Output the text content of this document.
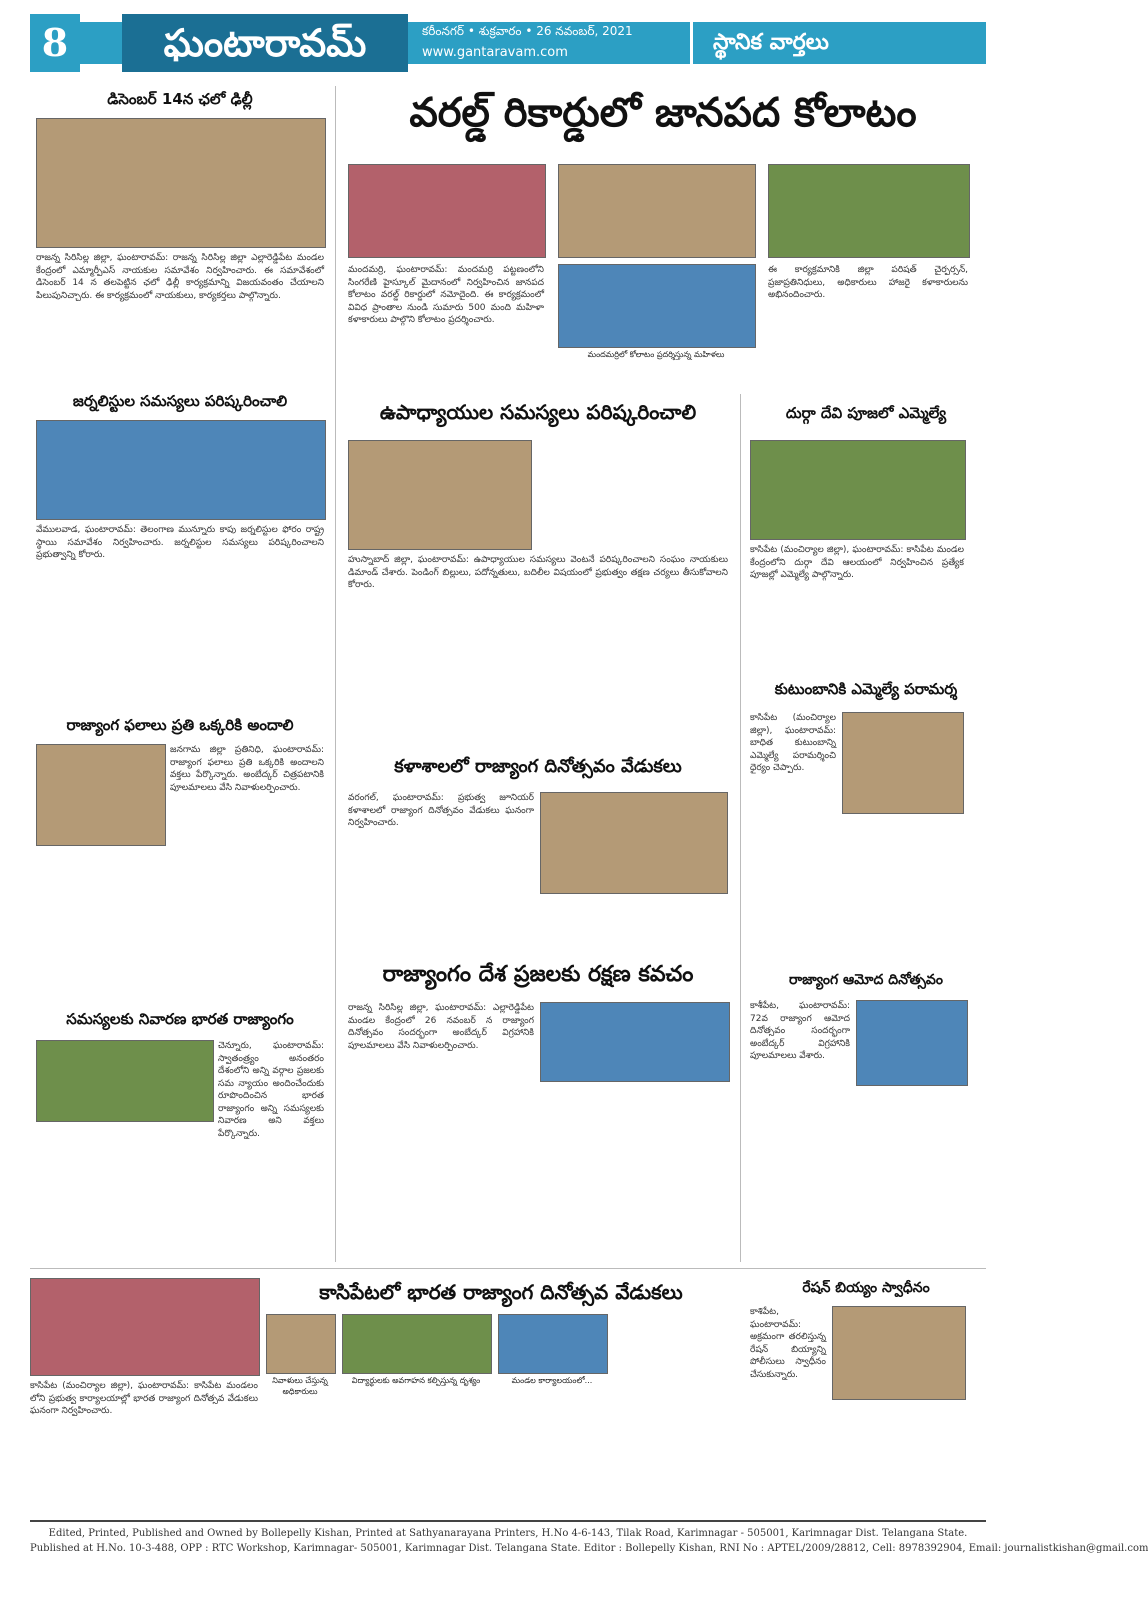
8	ఘంటారావమ్	కరీంనగర్ • శుక్రవారం • 26 నవంబర్, 2021
www.gantaravam.com	స్థానిక వార్తలు
డిసెంబర్ 14న ఛలో ఢిల్లీ
రాజన్న సిరిసిల్ల జిల్లా, ఘంటారావమ్: రాజన్న సిరిసిల్ల జిల్లా ఎల్లారెడ్డిపేట మండల కేంద్రంలో ఎమ్మార్పీఎస్ నాయకుల సమావేశం నిర్వహించారు. ఈ సమావేశంలో డిసెంబర్ 14 న తలపెట్టిన ఛలో ఢిల్లీ కార్యక్రమాన్ని విజయవంతం చేయాలని పిలుపునిచ్చారు. ఈ కార్యక్రమంలో నాయకులు, కార్యకర్తలు పాల్గొన్నారు.
జర్నలిస్టుల సమస్యలు పరిష్కరించాలి
వేములవాడ, ఘంటారావమ్: తెలంగాణ మున్నూరు కాపు జర్నలిస్టుల ఫోరం రాష్ట్ర స్థాయి సమావేశం నిర్వహించారు. జర్నలిస్టుల సమస్యలు పరిష్కరించాలని ప్రభుత్వాన్ని కోరారు.
రాజ్యాంగ ఫలాలు ప్రతి ఒక్కరికి అందాలి
జనగామ జిల్లా ప్రతినిధి, ఘంటారావమ్: రాజ్యాంగ ఫలాలు ప్రతి ఒక్కరికి అందాలని వక్తలు పేర్కొన్నారు. అంబేద్కర్ చిత్రపటానికి పూలమాలలు వేసి నివాళులర్పించారు.
సమస్యలకు నివారణ భారత రాజ్యాంగం
చెన్నూరు, ఘంటారావమ్: స్వాతంత్ర్యం అనంతరం దేశంలోని అన్ని వర్గాల ప్రజలకు సమ న్యాయం అందించేందుకు రూపొందించిన భారత రాజ్యాంగం అన్ని సమస్యలకు నివారణ అని వక్తలు పేర్కొన్నారు.
వరల్డ్ రికార్డులో జానపద కోలాటం
మందమర్రి, ఘంటారావమ్: మందమర్రి పట్టణంలోని సింగరేణి హైస్కూల్ మైదానంలో నిర్వహించిన జానపద కోలాటం వరల్డ్ రికార్డులో నమోదైంది. ఈ కార్యక్రమంలో వివిధ ప్రాంతాల నుండి సుమారు 500 మంది మహిళా కళాకారులు పాల్గొని కోలాటం ప్రదర్శించారు.
మందమర్రిలో కోలాటం ప్రదర్శిస్తున్న మహిళలు
ఈ కార్యక్రమానికి జిల్లా పరిషత్ చైర్పర్సన్, ప్రజాప్రతినిధులు, అధికారులు హాజరై కళాకారులను అభినందించారు.
ఉపాధ్యాయుల సమస్యలు పరిష్కరించాలి
హుస్నాబాద్ జిల్లా, ఘంటారావమ్: ఉపాధ్యాయుల సమస్యలు వెంటనే పరిష్కరించాలని సంఘం నాయకులు డిమాండ్ చేశారు. పెండింగ్ బిల్లులు, పదోన్నతులు, బదిలీల విషయంలో ప్రభుత్వం తక్షణ చర్యలు తీసుకోవాలని కోరారు.
కళాశాలలో రాజ్యాంగ దినోత్సవం వేడుకలు
వరంగల్, ఘంటారావమ్: ప్రభుత్వ జూనియర్ కళాశాలలో రాజ్యాంగ దినోత్సవం వేడుకలు ఘనంగా నిర్వహించారు.
రాజ్యాంగం దేశ ప్రజలకు రక్షణ కవచం
రాజన్న సిరిసిల్ల జిల్లా, ఘంటారావమ్: ఎల్లారెడ్డిపేట మండల కేంద్రంలో 26 నవంబర్ న రాజ్యాంగ దినోత్సవం సందర్భంగా అంబేద్కర్ విగ్రహానికి పూలమాలలు వేసి నివాళులర్పించారు.
దుర్గా దేవి పూజలో ఎమ్మెల్యే
కాసిపేట (మంచిర్యాల జిల్లా), ఘంటారావమ్: కాసిపేట మండల కేంద్రంలోని దుర్గా దేవి ఆలయంలో నిర్వహించిన ప్రత్యేక పూజల్లో ఎమ్మెల్యే పాల్గొన్నారు.
కుటుంబానికి ఎమ్మెల్యే పరామర్శ
కాసిపేట (మంచిర్యాల జిల్లా), ఘంటారావమ్: బాధిత కుటుంబాన్ని ఎమ్మెల్యే పరామర్శించి ధైర్యం చెప్పారు.
రాజ్యాంగ ఆమోద దినోత్సవం
కాశీపేట, ఘంటారావమ్: 72వ రాజ్యాంగ ఆమోద దినోత్సవం సందర్భంగా అంబేద్కర్ విగ్రహానికి పూలమాలలు వేశారు.
కాసిపేట (మంచిర్యాల జిల్లా), ఘంటారావమ్: కాసిపేట మండలం లోని ప్రభుత్వ కార్యాలయాల్లో భారత రాజ్యాంగ దినోత్సవ వేడుకలు ఘనంగా నిర్వహించారు.
కాసిపేటలో భారత రాజ్యాంగ దినోత్సవ వేడుకలు
నివాళులు చేస్తున్న అధికారులు
విద్యార్థులకు అవగాహన కల్పిస్తున్న దృశ్యం	మండల కార్యాలయంలో...
రేషన్ బియ్యం స్వాధీనం
కాశిపేట, ఘంటారావమ్: అక్రమంగా తరలిస్తున్న రేషన్ బియ్యాన్ని పోలీసులు స్వాధీనం చేసుకున్నారు.
Edited, Printed, Published and Owned by Bollepelly Kishan, Printed at Sathyanarayana Printers, H.No 4-6-143, Tilak Road, Karimnagar - 505001, Karimnagar Dist. Telangana State.
Published at H.No. 10-3-488, OPP : RTC Workshop, Karimnagar- 505001, Karimnagar Dist. Telangana State. Editor : Bollepelly Kishan, RNI No : APTEL/2009/28812, Cell: 8978392904, Email: journalistkishan@gmail.com
